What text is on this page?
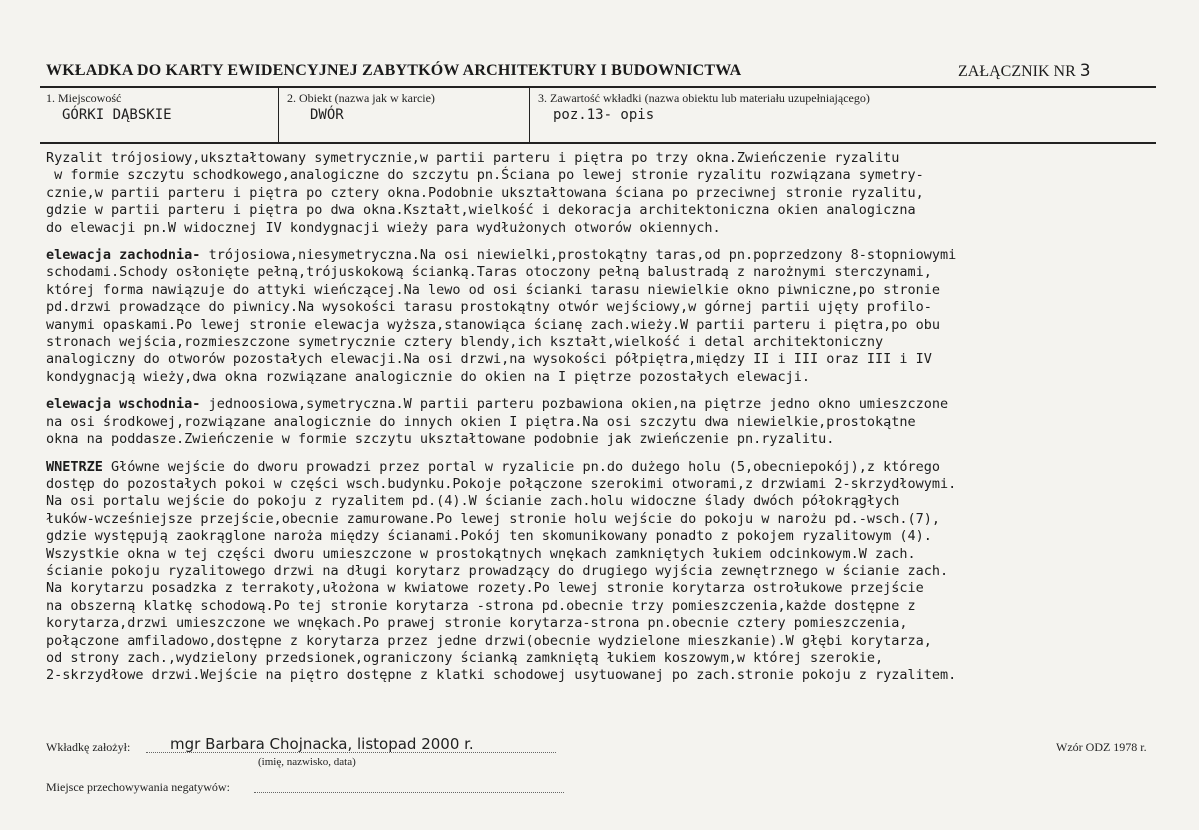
WKŁADKA DO KARTY EWIDENCYJNEJ ZABYTKÓW ARCHITEKTURY I BUDOWNICTWA	ZAŁĄCZNIK NR 3
1. Miejscowość
GÓRKI DĄBSKIE
2. Obiekt (nazwa jak w karcie)
DWÓR
3. Zawartość wkładki (nazwa obiektu lub materiału uzupełniającego)
poz.13- opis

Ryzalit trójosiowy,ukształtowany symetrycznie,w partii parteru i piętra po trzy okna.Zwieńczenie ryzalitu
w formie szczytu schodkowego,analogiczne do szczytu pn.Ściana po lewej stronie ryzalitu rozwiązana symetry-
cznie,w partii parteru i piętra po cztery okna.Podobnie ukształtowana ściana po przeciwnej stronie ryzalitu,
gdzie w partii parteru i piętra po dwa okna.Kształt,wielkość i dekoracja architektoniczna okien analogiczna
do elewacji pn.W widocznej IV kondygnacji wieży para wydłużonych otworów okiennych.

elewacja zachodnia- trójosiowa,niesymetryczna.Na osi niewielki,prostokątny taras,od pn.poprzedzony 8-stopniowymi
schodami.Schody osłonięte pełną,trójuskokową ścianką.Taras otoczony pełną balustradą z narożnymi sterczynami,
której forma nawiązuje do attyki wieńczącej.Na lewo od osi ścianki tarasu niewielkie okno piwniczne,po stronie
pd.drzwi prowadzące do piwnicy.Na wysokości tarasu prostokątny otwór wejściowy,w górnej partii ujęty profilo-
wanymi opaskami.Po lewej stronie elewacja wyższa,stanowiąca ścianę zach.wieży.W partii parteru i piętra,po obu
stronach wejścia,rozmieszczone symetrycznie cztery blendy,ich kształt,wielkość i detal architektoniczny
analogiczny do otworów pozostałych elewacji.Na osi drzwi,na wysokości półpiętra,między II i III oraz III i IV
kondygnacją wieży,dwa okna rozwiązane analogicznie do okien na I piętrze pozostałych elewacji.

elewacja wschodnia- jednoosiowa,symetryczna.W partii parteru pozbawiona okien,na piętrze jedno okno umieszczone
na osi środkowej,rozwiązane analogicznie do innych okien I piętra.Na osi szczytu dwa niewielkie,prostokątne
okna na poddasze.Zwieńczenie w formie szczytu ukształtowane podobnie jak zwieńczenie pn.ryzalitu.

WNETRZE Główne wejście do dworu prowadzi przez portal w ryzalicie pn.do dużego holu (5,obecniepokój),z którego
dostęp do pozostałych pokoi w części wsch.budynku.Pokoje połączone szerokimi otworami,z drzwiami 2-skrzydłowymi.
Na osi portalu wejście do pokoju z ryzalitem pd.(4).W ścianie zach.holu widoczne ślady dwóch półokrągłych
łuków-wcześniejsze przejście,obecnie zamurowane.Po lewej stronie holu wejście do pokoju w narożu pd.-wsch.(7),
gdzie występują zaokrąglone naroża między ścianami.Pokój ten skomunikowany ponadto z pokojem ryzalitowym (4).
Wszystkie okna w tej części dworu umieszczone w prostokątnych wnękach zamkniętych łukiem odcinkowym.W zach.
ścianie pokoju ryzalitowego drzwi na długi korytarz prowadzący do drugiego wyjścia zewnętrznego w ścianie zach.
Na korytarzu posadzka z terrakoty,ułożona w kwiatowe rozety.Po lewej stronie korytarza ostrołukowe przejście
na obszerną klatkę schodową.Po tej stronie korytarza -strona pd.obecnie trzy pomieszczenia,każde dostępne z
korytarza,drzwi umieszczone we wnękach.Po prawej stronie korytarza-strona pn.obecnie cztery pomieszczenia,
połączone amfiladowo,dostępne z korytarza przez jedne drzwi(obecnie wydzielone mieszkanie).W głębi korytarza,
od strony zach.,wydzielony przedsionek,ograniczony ścianką zamkniętą łukiem koszowym,w której szerokie,
2-skrzydłowe drzwi.Wejście na piętro dostępne z klatki schodowej usytuowanej po zach.stronie pokoju z ryzalitem.

Wkładkę założył:	mgr Barbara Chojnacka, listopad 2000 r.
(imię, nazwisko, data)
Wzór ODZ 1978 r.
Miejsce przechowywania negatywów:
